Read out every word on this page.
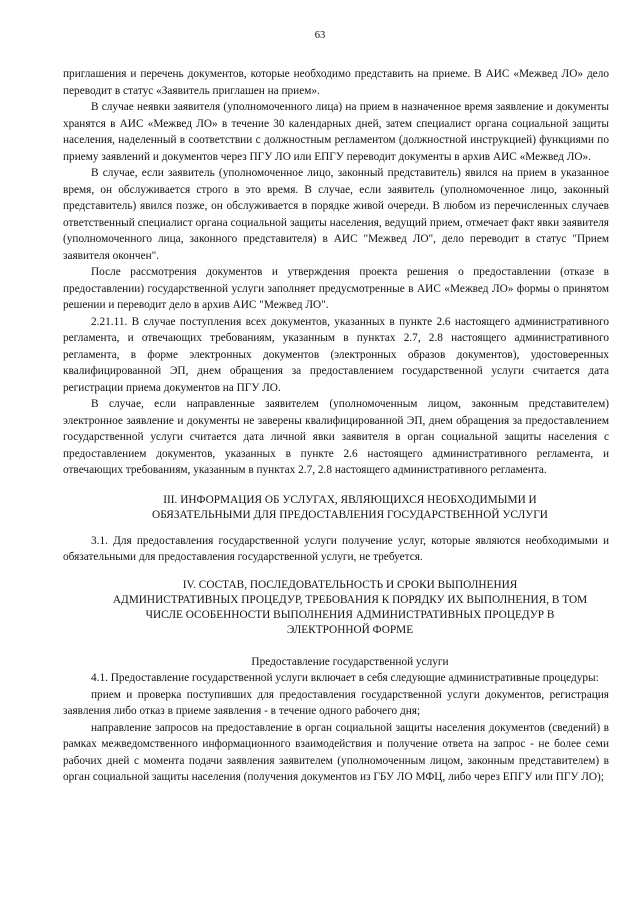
63

приглашения и перечень документов, которые необходимо представить на приеме. В АИС «Межвед ЛО» дело переводит в статус «Заявитель приглашен на прием».

В случае неявки заявителя (уполномоченного лица) на прием в назначенное время заявление и документы хранятся в АИС «Межвед ЛО» в течение 30 календарных дней, затем специалист органа социальной защиты населения, наделенный в соответствии с должностным регламентом (должностной инструкцией) функциями по приему заявлений и документов через ПГУ ЛО или ЕПГУ переводит документы в архив АИС «Межвед ЛО».

В случае, если заявитель (уполномоченное лицо, законный представитель) явился на прием в указанное время, он обслуживается строго в это время. В случае, если заявитель (уполномоченное лицо, законный представитель) явился позже, он обслуживается в порядке живой очереди. В любом из перечисленных случаев ответственный специалист органа социальной защиты населения, ведущий прием, отмечает факт явки заявителя (уполномоченного лица, законного представителя) в АИС "Межвед ЛО", дело переводит в статус "Прием заявителя окончен".

После рассмотрения документов и утверждения проекта решения о предоставлении (отказе в предоставлении) государственной услуги заполняет предусмотренные в АИС «Межвед ЛО» формы о принятом решении и переводит дело в архив АИС "Межвед ЛО".

2.21.11. В случае поступления всех документов, указанных в пункте 2.6 настоящего административного регламента, и отвечающих требованиям, указанным в пунктах 2.7, 2.8 настоящего административного регламента, в форме электронных документов (электронных образов документов), удостоверенных квалифицированной ЭП, днем обращения за предоставлением государственной услуги считается дата регистрации приема документов на ПГУ ЛО.

В случае, если направленные заявителем (уполномоченным лицом, законным представителем) электронное заявление и документы не заверены квалифицированной ЭП, днем обращения за предоставлением государственной услуги считается дата личной явки заявителя в орган социальной защиты населения с предоставлением документов, указанных в пункте 2.6 настоящего административного регламента, и отвечающих требованиям, указанным в пунктах 2.7, 2.8 настоящего административного регламента.

III. ИНФОРМАЦИЯ ОБ УСЛУГАХ, ЯВЛЯЮЩИХСЯ НЕОБХОДИМЫМИ И

ОБЯЗАТЕЛЬНЫМИ ДЛЯ ПРЕДОСТАВЛЕНИЯ ГОСУДАРСТВЕННОЙ УСЛУГИ

3.1. Для предоставления государственной услуги получение услуг, которые являются необходимыми и обязательными для предоставления государственной услуги, не требуется.

IV. СОСТАВ, ПОСЛЕДОВАТЕЛЬНОСТЬ И СРОКИ ВЫПОЛНЕНИЯ

АДМИНИСТРАТИВНЫХ ПРОЦЕДУР, ТРЕБОВАНИЯ К ПОРЯДКУ ИХ ВЫПОЛНЕНИЯ, В ТОМ

ЧИСЛЕ ОСОБЕННОСТИ ВЫПОЛНЕНИЯ АДМИНИСТРАТИВНЫХ ПРОЦЕДУР В

ЭЛЕКТРОННОЙ ФОРМЕ

Предоставление государственной услуги

4.1. Предоставление государственной услуги включает в себя следующие административные процедуры:

прием и проверка поступивших для предоставления государственной услуги документов, регистрация заявления либо отказ в приеме заявления - в течение одного рабочего дня;

направление запросов на предоставление в орган социальной защиты населения документов (сведений) в рамках межведомственного информационного взаимодействия и получение ответа на запрос - не более семи рабочих дней с момента подачи заявления заявителем (уполномоченным лицом, законным представителем) в орган социальной защиты населения (получения документов из ГБУ ЛО МФЦ, либо через ЕПГУ или ПГУ ЛО);
